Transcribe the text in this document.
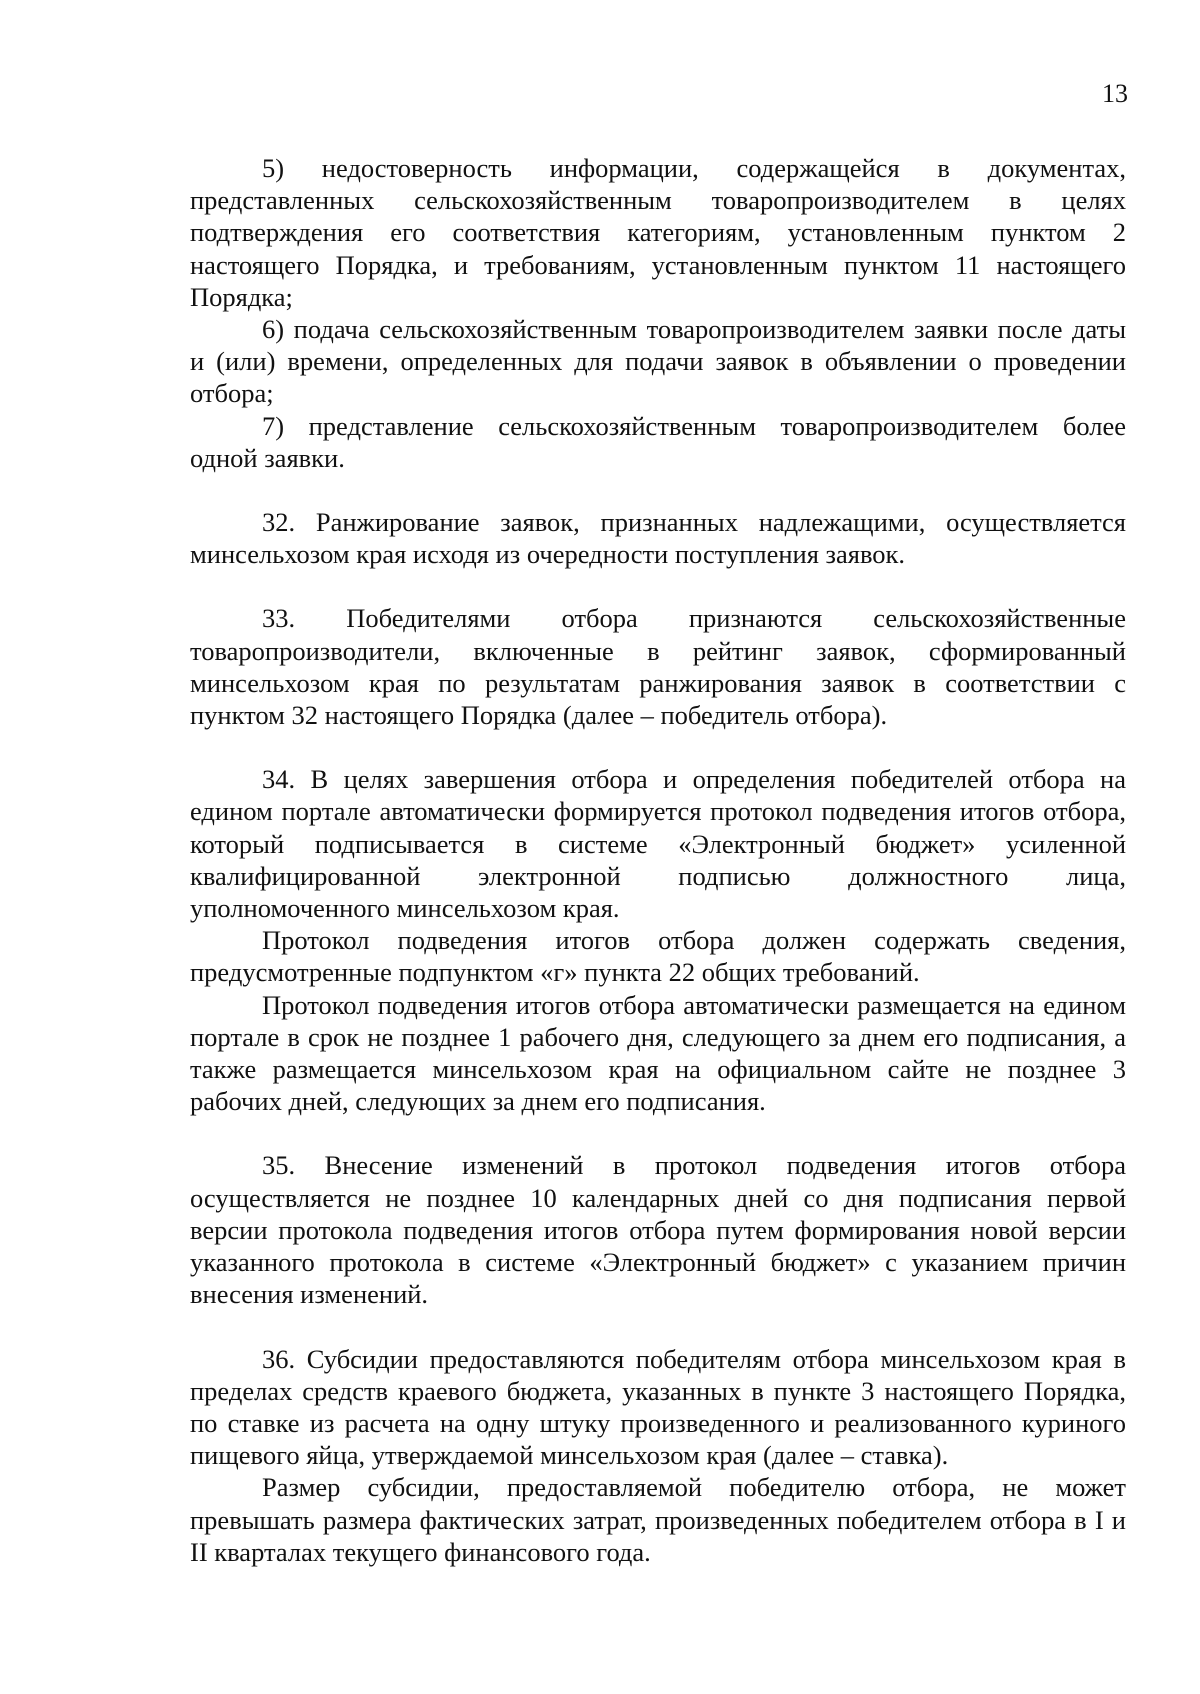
13

5) недостоверность информации, содержащейся в документах, представленных сельскохозяйственным товаропроизводителем в целях подтверждения его соответствия категориям, установленным пунктом 2 настоящего Порядка, и требованиям, установленным пунктом 11 настоящего Порядка;

6) подача сельскохозяйственным товаропроизводителем заявки после даты и (или) времени, определенных для подачи заявок в объявлении о проведении отбора;

7) представление сельскохозяйственным товаропроизводителем более одной заявки.

32. Ранжирование заявок, признанных надлежащими, осуществляется минсельхозом края исходя из очередности поступления заявок.

33. Победителями отбора признаются сельскохозяйственные товаропроизводители, включенные в рейтинг заявок, сформированный минсельхозом края по результатам ранжирования заявок в соответствии с пунктом 32 настоящего Порядка (далее – победитель отбора).

34. В целях завершения отбора и определения победителей отбора на едином портале автоматически формируется протокол подведения итогов отбора, который подписывается в системе «Электронный бюджет» усиленной квалифицированной электронной подписью должностного лица, уполномоченного минсельхозом края.

Протокол подведения итогов отбора должен содержать сведения, предусмотренные подпунктом «г» пункта 22 общих требований.

Протокол подведения итогов отбора автоматически размещается на едином портале в срок не позднее 1 рабочего дня, следующего за днем его подписания, а также размещается минсельхозом края на официальном сайте не позднее 3 рабочих дней, следующих за днем его подписания.

35. Внесение изменений в протокол подведения итогов отбора осуществляется не позднее 10 календарных дней со дня подписания первой версии протокола подведения итогов отбора путем формирования новой версии указанного протокола в системе «Электронный бюджет» с указанием причин внесения изменений.

36. Субсидии предоставляются победителям отбора минсельхозом края в пределах средств краевого бюджета, указанных в пункте 3 настоящего Порядка, по ставке из расчета на одну штуку произведенного и реализованного куриного пищевого яйца, утверждаемой минсельхозом края (далее – ставка).

Размер субсидии, предоставляемой победителю отбора, не может превышать размера фактических затрат, произведенных победителем отбора в I и II кварталах текущего финансового года.
